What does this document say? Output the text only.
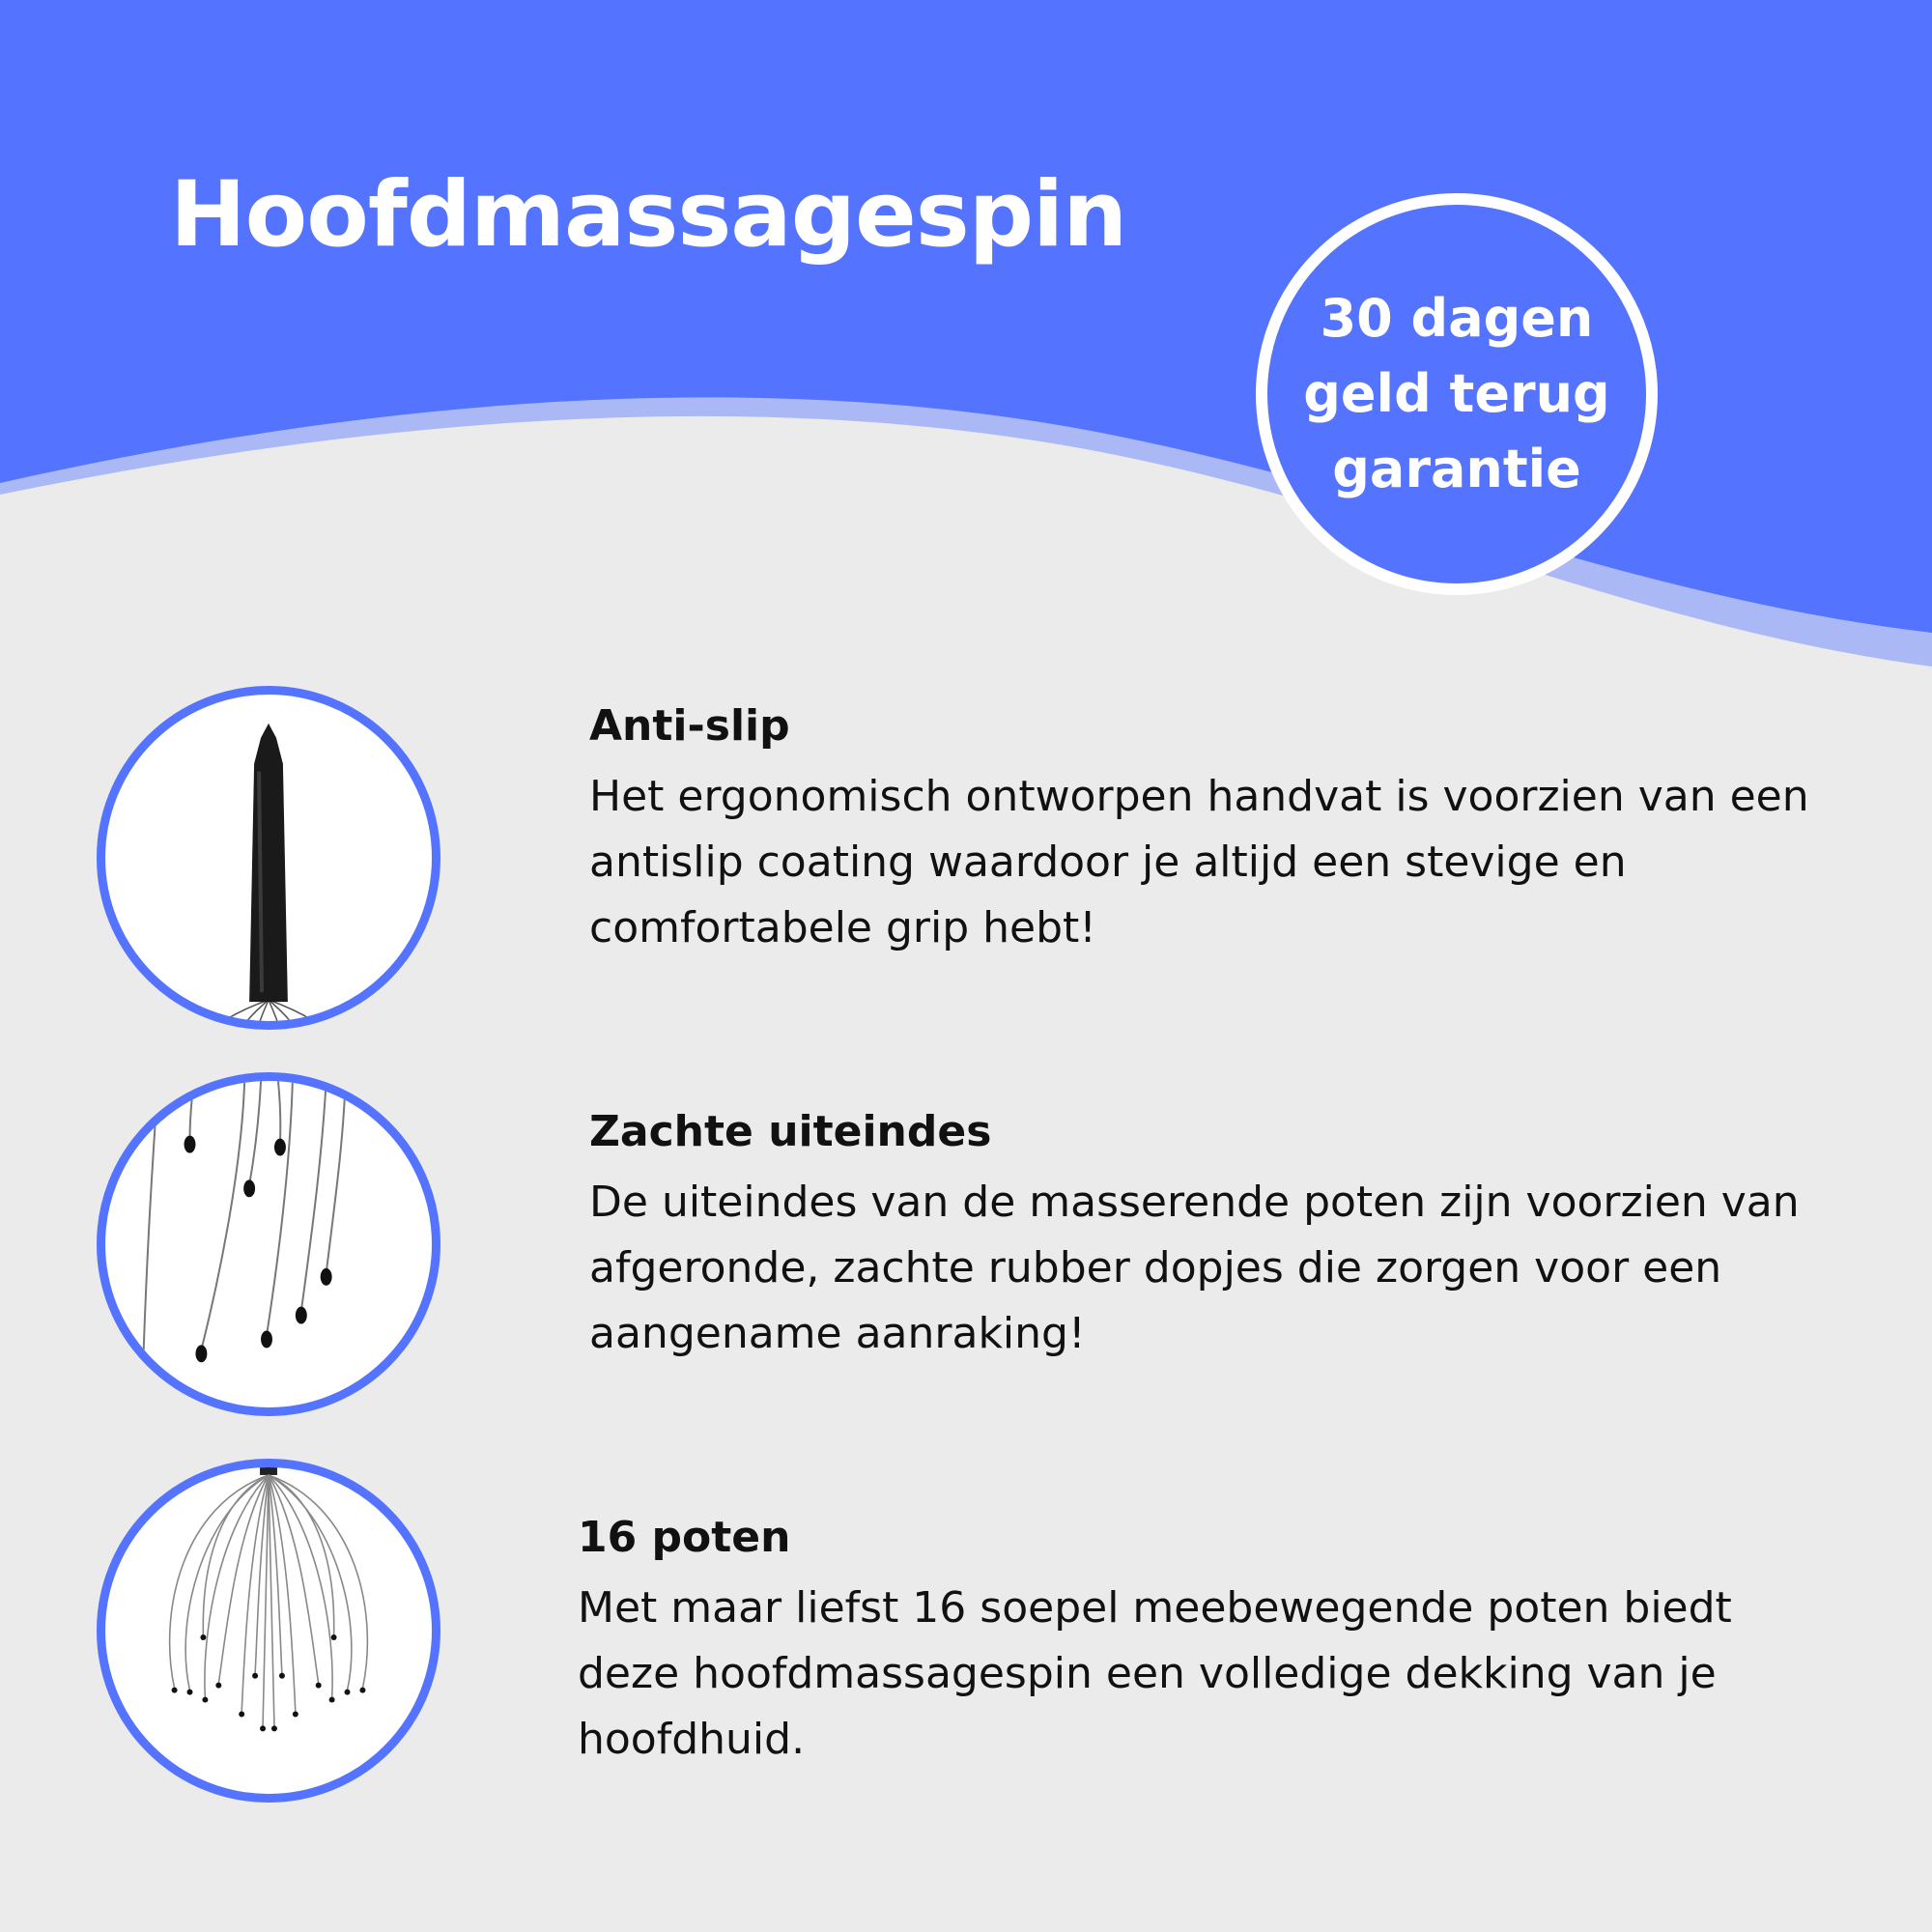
Hoofdmassagespin
30 dagen
geld terug
garantie
Anti-slip

Het ergonomisch ontworpen handvat is voorzien van een antislip coating waardoor je altijd een stevige en comfortabele grip hebt!

Zachte uiteindes

De uiteindes van de masserende poten zijn voorzien van afgeronde, zachte rubber dopjes die zorgen voor een aangename aanraking!

16 poten

Met maar liefst 16 soepel meebewegende poten biedt deze hoofdmassagespin een volledige dekking van je hoofdhuid.
